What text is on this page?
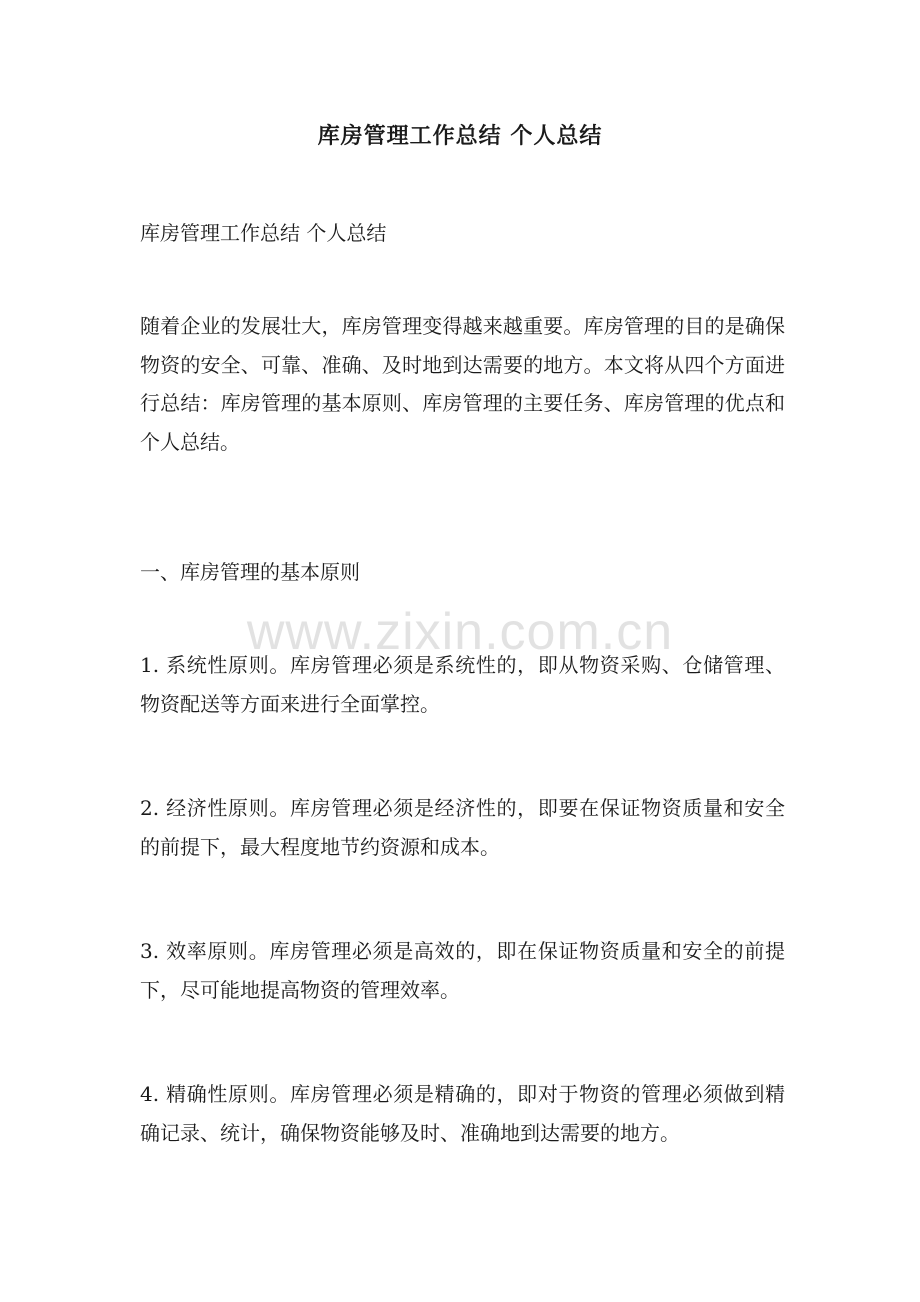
库房管理工作总结 个人总结

库房管理工作总结 个人总结

随着企业的发展壮大，库房管理变得越来越重要。库房管理的目的是确保物资的安全、可靠、准确、及时地到达需要的地方。本文将从四个方面进行总结：库房管理的基本原则、库房管理的主要任务、库房管理的优点和个人总结。

一、库房管理的基本原则

1. 系统性原则。库房管理必须是系统性的，即从物资采购、仓储管理、物资配送等方面来进行全面掌控。

2. 经济性原则。库房管理必须是经济性的，即要在保证物资质量和安全的前提下，最大程度地节约资源和成本。

3. 效率原则。库房管理必须是高效的，即在保证物资质量和安全的前提下，尽可能地提高物资的管理效率。

4. 精确性原则。库房管理必须是精确的，即对于物资的管理必须做到精确记录、统计，确保物资能够及时、准确地到达需要的地方。

www.zixin.com.cn
